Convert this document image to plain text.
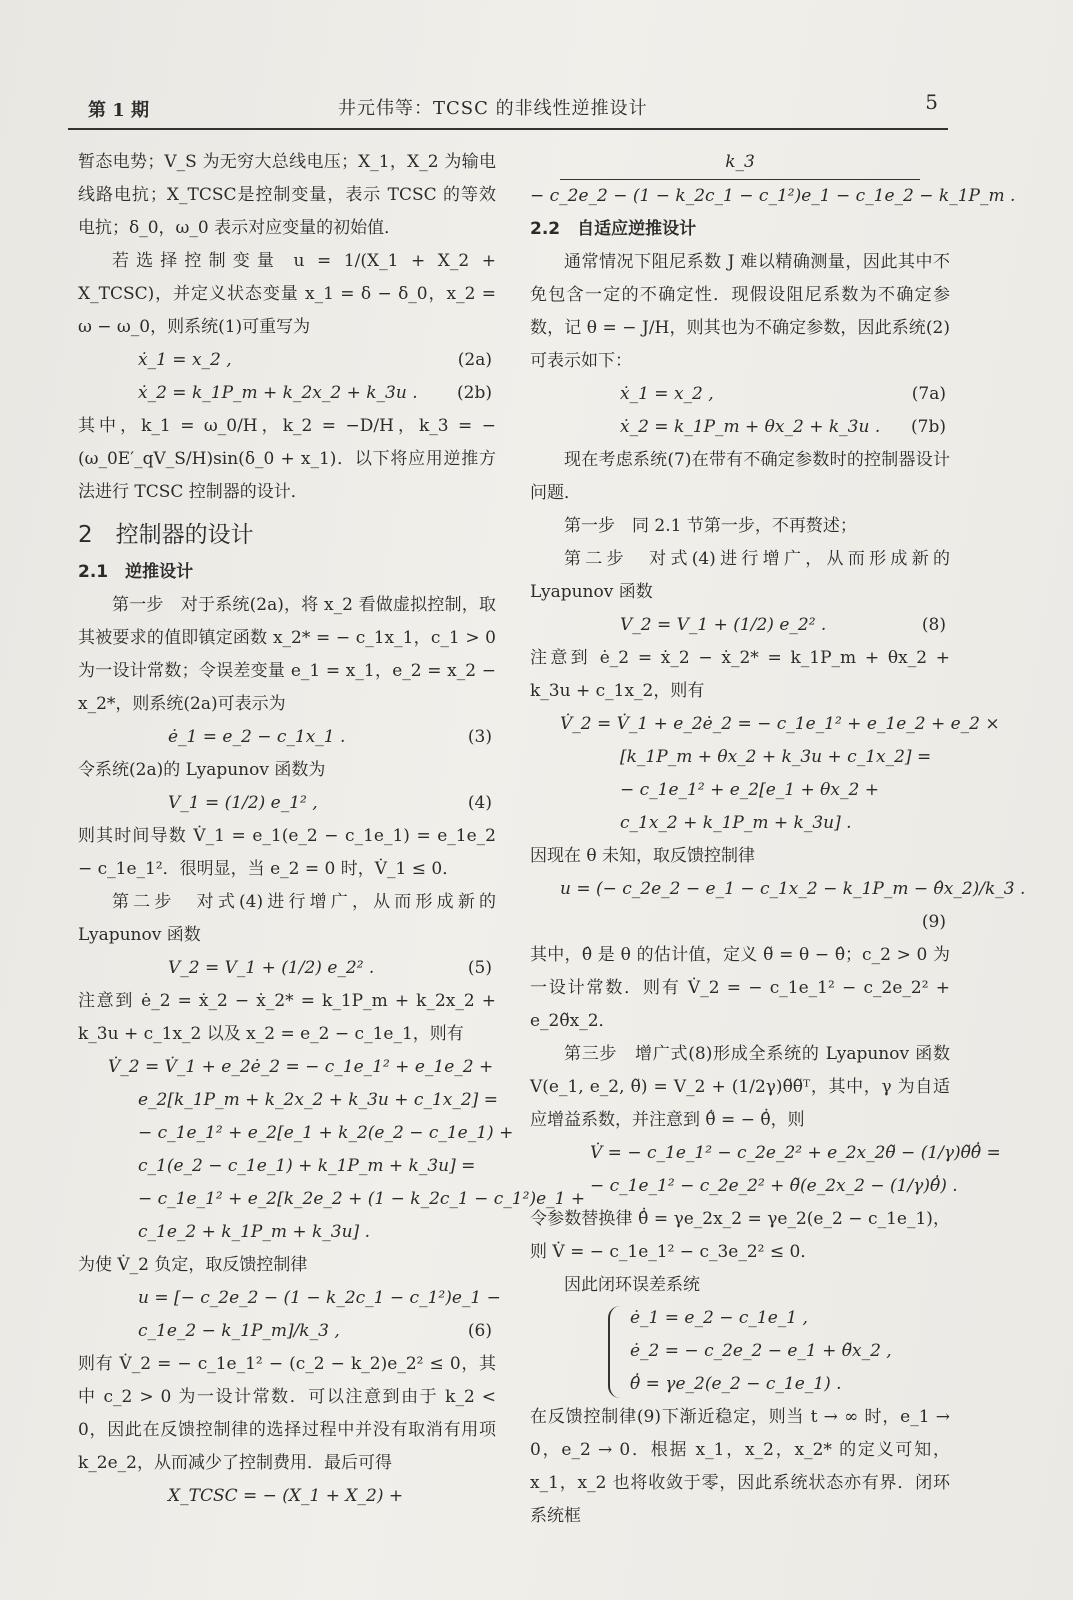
第 1 期	井元伟等：TCSC 的非线性逆推设计	5

暂态电势；V_S 为无穷大总线电压；X_1，X_2 为输电线路电抗；X_TCSC是控制变量，表示 TCSC 的等效电抗；δ_0，ω_0 表示对应变量的初始值．

若选择控制变量 u = 1/(X_1 + X_2 + X_TCSC)，并定义状态变量 x_1 = δ − δ_0，x_2 = ω − ω_0，则系统(1)可重写为

ẋ_1 = x_2 ,	(2a)
ẋ_2 = k_1P_m + k_2x_2 + k_3u . (2b)

其中，k_1 = ω_0/H，k_2 = −D/H，k_3 = −(ω_0E′_qV_S/H)sin(δ_0 + x_1)．以下将应用逆推方法进行 TCSC 控制器的设计．

2　控制器的设计
2.1　逆推设计

第一步　对于系统(2a)，将 x_2 看做虚拟控制，取其被要求的值即镇定函数 x_2* = − c_1x_1，c_1 > 0 为一设计常数；令误差变量 e_1 = x_1，e_2 = x_2 − x_2*，则系统(2a)可表示为

ė_1 = e_2 − c_1x_1 .	(3)

令系统(2a)的 Lyapunov 函数为

V_1 = (1/2) e_1² ,	(4)

则其时间导数 V̇_1 = e_1(e_2 − c_1e_1) = e_1e_2 − c_1e_1²．很明显，当 e_2 = 0 时，V̇_1 ≤ 0．

第二步　对式(4)进行增广，从而形成新的 Lyapunov 函数

V_2 = V_1 + (1/2) e_2² .	(5)

注意到 ė_2 = ẋ_2 − ẋ_2* = k_1P_m + k_2x_2 + k_3u + c_1x_2 以及 x_2 = e_2 − c_1e_1，则有

V̇_2 = V̇_1 + e_2ė_2 = − c_1e_1² + e_1e_2 +
e_2[k_1P_m + k_2x_2 + k_3u + c_1x_2] =
− c_1e_1² + e_2[e_1 + k_2(e_2 − c_1e_1) +
c_1(e_2 − c_1e_1) + k_1P_m + k_3u] =
− c_1e_1² + e_2[k_2e_2 + (1 − k_2c_1 − c_1²)e_1 +
c_1e_2 + k_1P_m + k_3u] .

为使 V̇_2 负定，取反馈控制律

u = [− c_2e_2 − (1 − k_2c_1 − c_1²)e_1 −
c_1e_2 − k_1P_m]/k_3 ,	(6)

则有 V̇_2 = − c_1e_1² − (c_2 − k_2)e_2² ≤ 0，其中 c_2 > 0 为一设计常数．可以注意到由于 k_2 < 0，因此在反馈控制律的选择过程中并没有取消有用项 k_2e_2，从而减少了控制费用．最后可得

X_TCSC = − (X_1 + X_2) +
k_3
− c_2e_2 − (1 − k_2c_1 − c_1²)e_1 − c_1e_2 − k_1P_m .
2.2　自适应逆推设计

通常情况下阻尼系数 J 难以精确测量，因此其中不免包含一定的不确定性．现假设阻尼系数为不确定参数，记 θ = − J/H，则其也为不确定参数，因此系统(2)可表示如下：

ẋ_1 = x_2 ,	(7a)
ẋ_2 = k_1P_m + θx_2 + k_3u . (7b)

现在考虑系统(7)在带有不确定参数时的控制器设计问题．

第一步　同 2.1 节第一步，不再赘述；

第二步　对式(4)进行增广，从而形成新的 Lyapunov 函数

V_2 = V_1 + (1/2) e_2² .	(8)

注意到 ė_2 = ẋ_2 − ẋ_2* = k_1P_m + θx_2 + k_3u + c_1x_2，则有

V̇_2 = V̇_1 + e_2ė_2 = − c_1e_1² + e_1e_2 + e_2 ×
[k_1P_m + θx_2 + k_3u + c_1x_2] =
− c_1e_1² + e_2[e_1 + θx_2 +
c_1x_2 + k_1P_m + k_3u] .

因现在 θ 未知，取反馈控制律

u = (− c_2e_2 − e_1 − c_1x_2 − k_1P_m − θ̂x_2)/k_3 .
(9)

其中，θ̂ 是 θ 的估计值，定义 θ̃ = θ − θ̂；c_2 > 0 为一设计常数．则有 V̇_2 = − c_1e_1² − c_2e_2² + e_2θ̃x_2．

第三步　增广式(8)形成全系统的 Lyapunov 函数 V(e_1, e_2, θ̃) = V_2 + (1/2γ)θ̃θ̃ᵀ，其中，γ 为自适应增益系数，并注意到 θ̃̇ = − θ̂̇，则

V̇ = − c_1e_1² − c_2e_2² + e_2x_2θ̃ − (1/γ)θ̃θ̂̇ =
− c_1e_1² − c_2e_2² + θ̃(e_2x_2 − (1/γ)θ̂̇) .

令参数替换律 θ̂̇ = γe_2x_2 = γe_2(e_2 − c_1e_1)，则 V̇ = − c_1e_1² − c_3e_2² ≤ 0．

因此闭环误差系统

ė_1 = e_2 − c_1e_1 ,
ė_2 = − c_2e_2 − e_1 + θ̃x_2 ,
θ̂̇ = γe_2(e_2 − c_1e_1) .

在反馈控制律(9)下渐近稳定，则当 t → ∞ 时，e_1 → 0，e_2 → 0．根据 x_1，x_2，x_2* 的定义可知，x_1，x_2 也将收敛于零，因此系统状态亦有界．闭环系统框
